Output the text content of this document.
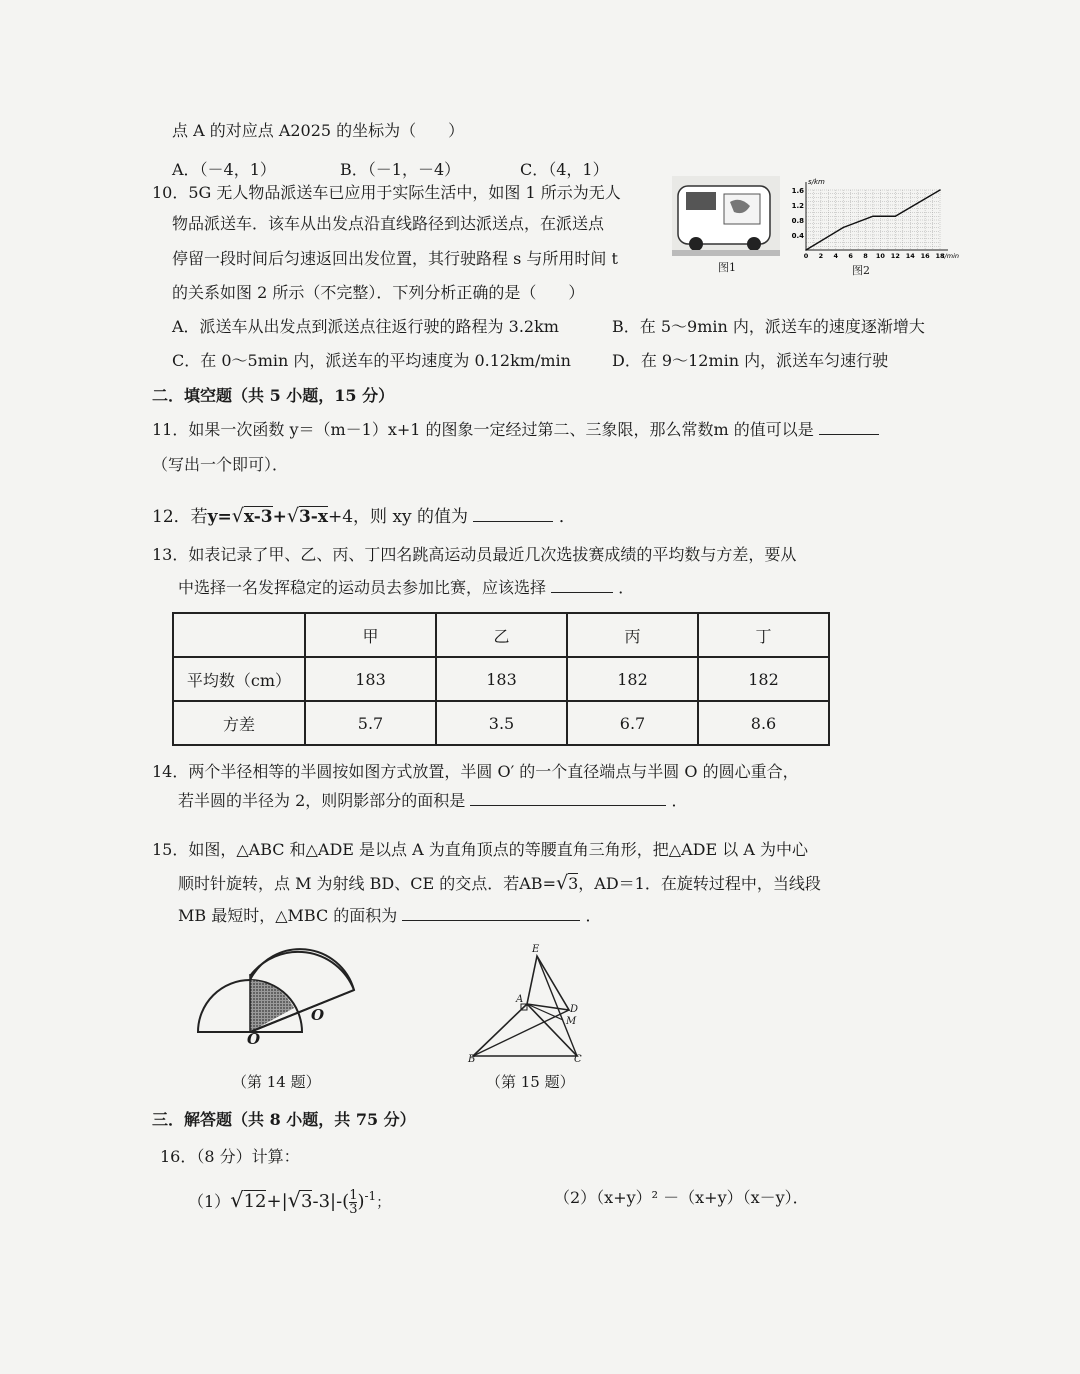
点 A 的对应点 A2025 的坐标为（　　）
A．（－4，1）	B．（－1，－4）	C．（4，1）
10．5G 无人物品派送车已应用于实际生活中，如图 1 所示为无人
物品派送车．该车从出发点沿直线路径到达派送点，在派送点
停留一段时间后匀速返回出发位置，其行驶路程 s 与所用时间 t
的关系如图 2 所示（不完整）．下列分析正确的是（　　）
A．派送车从出发点到派送点往返行驶的路程为 3.2km	B．在 5～9min 内，派送车的速度逐渐增大
C．在 0～5min 内，派送车的平均速度为 0.12km/min	D．在 9～12min 内，派送车匀速行驶
图1
1.6
1.2
0.8
0.4
0 2 4 6 8 10 12 14 16 18
s/km
t/min
图2
二．填空题（共 5 小题，15 分）
11．如果一次函数 y＝（m－1）x+1 的图象一定经过第二、三象限，那么常数m 的值可以是
（写出一个即可）．
12．若y=√x-3+√3-x+4，则 xy 的值为	．
13．如表记录了甲、乙、丙、丁四名跳高运动员最近几次选拔赛成绩的平均数与方差，要从
中选择一名发挥稳定的运动员去参加比赛，应该选择	．
	甲	乙	丙	丁
平均数（cm）	183	183	182	182
方差	5.7	3.5	6.7	8.6
14．两个半径相等的半圆按如图方式放置，半圆 O′ 的一个直径端点与半圆 O 的圆心重合，
若半圆的半径为 2，则阴影部分的面积是	．
15．如图，△ABC 和△ADE 是以点 A 为直角顶点的等腰直角三角形，把△ADE 以 A 为中心
顺时针旋转，点 M 为射线 BD、CE 的交点．若AB=√3，AD＝1．在旋转过程中，当线段
MB 最短时，△MBC 的面积为	．
O
O
（第 14 题）
E
A
D
M
B	C
（第 15 题）
三．解答题（共 8 小题，共 75 分）
16．（8 分）计算：
$(1)√12+|√3-3|-( \frac{1}{3} )^{-1}$；	（2）（x+y）² －（x+y）（x－y）．
